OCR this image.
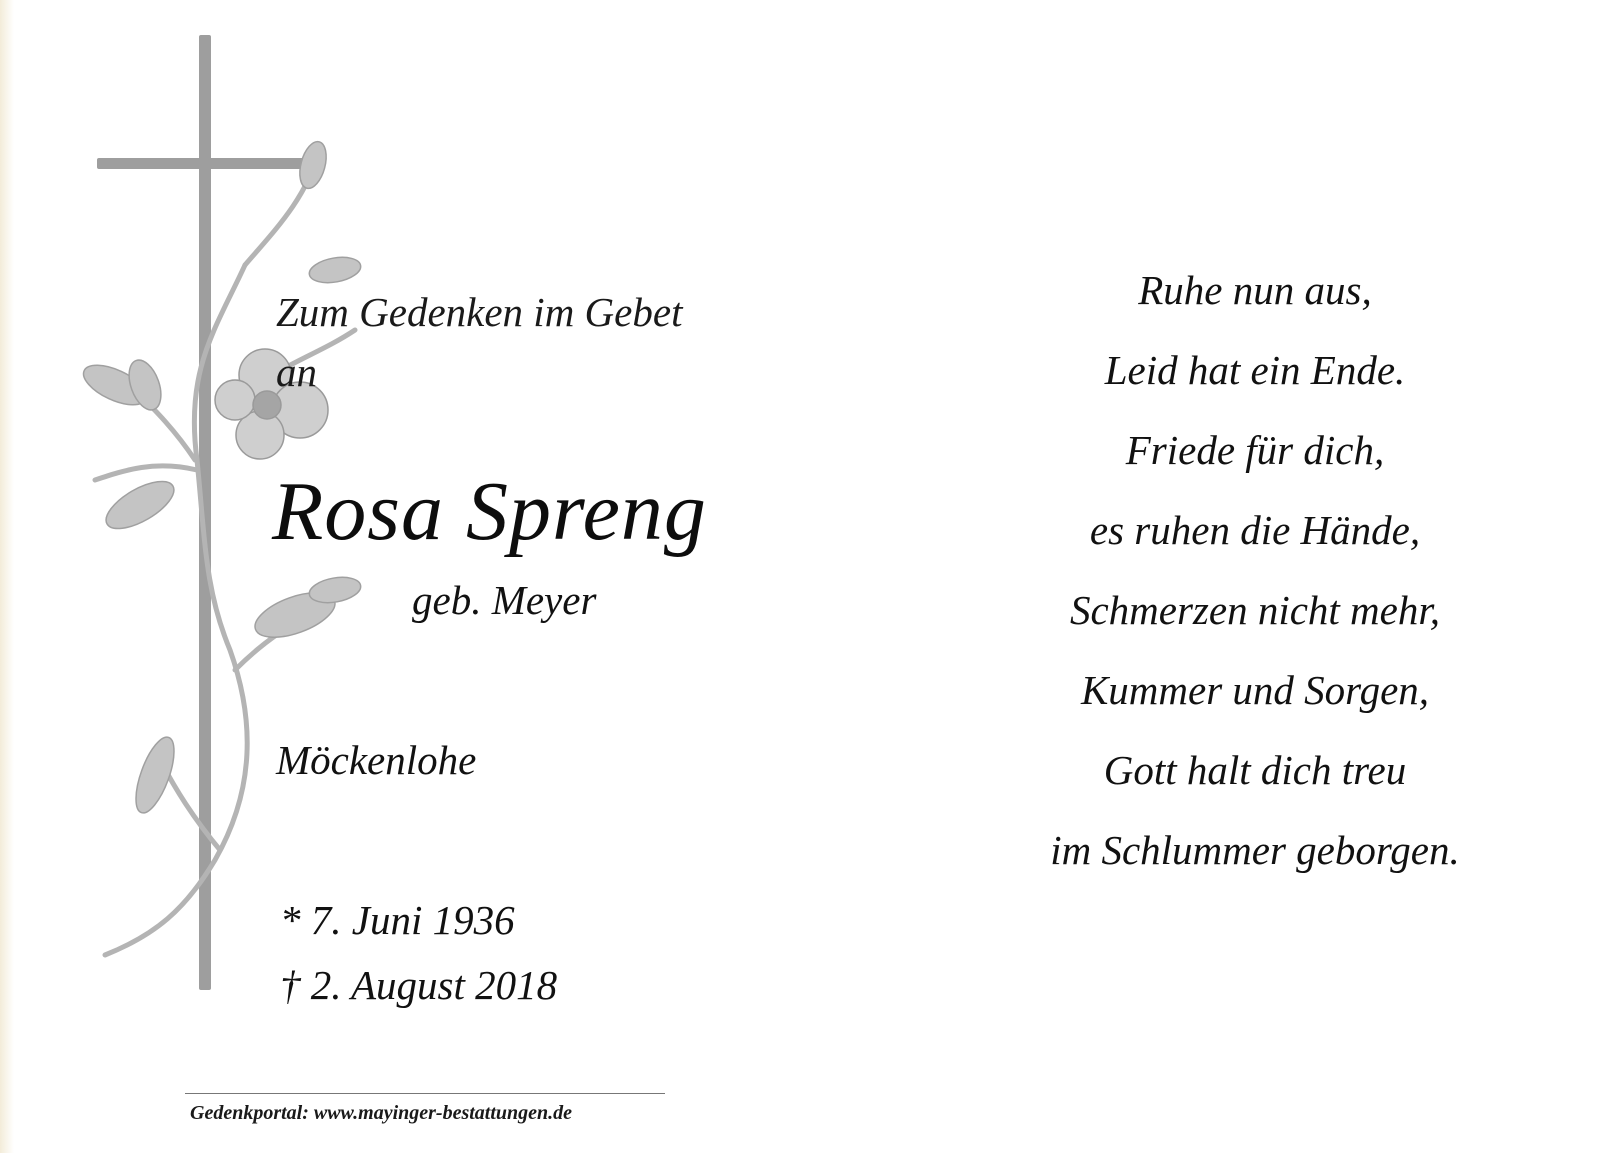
Zum Gedenken im Gebet
an
Rosa Spreng
geb. Meyer
Möckenlohe
* 7. Juni 1936
† 2. August 2018
Gedenkportal: www.mayinger-bestattungen.de
Ruhe nun aus,
Leid hat ein Ende.
Friede für dich,
es ruhen die Hände,
Schmerzen nicht mehr,
Kummer und Sorgen,
Gott halt dich treu
im Schlummer geborgen.
